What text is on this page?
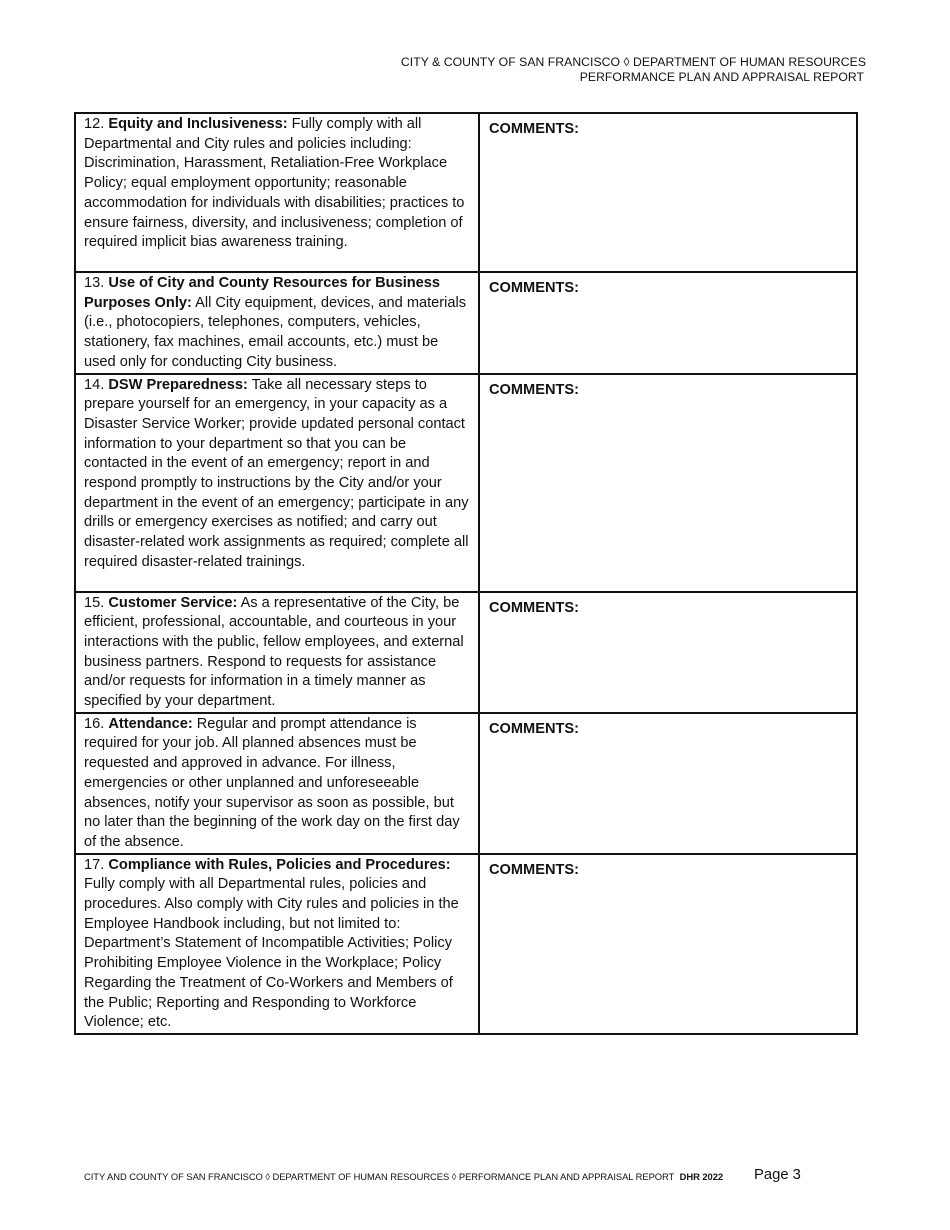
CITY & COUNTY OF SAN FRANCISCO ◊ DEPARTMENT OF HUMAN RESOURCES
PERFORMANCE PLAN AND APPRAISAL REPORT
12. Equity and Inclusiveness: Fully comply with all Departmental and City rules and policies including: Discrimination, Harassment, Retaliation-Free Workplace Policy; equal employment opportunity; reasonable accommodation for individuals with disabilities; practices to ensure fairness, diversity, and inclusiveness; completion of required implicit bias awareness training.	COMMENTS:
13. Use of City and County Resources for Business Purposes Only: All City equipment, devices, and materials (i.e., photocopiers, telephones, computers, vehicles, stationery, fax machines, email accounts, etc.) must be used only for conducting City business.	COMMENTS:
14. DSW Preparedness: Take all necessary steps to prepare yourself for an emergency, in your capacity as a Disaster Service Worker; provide updated personal contact information to your department so that you can be contacted in the event of an emergency; report in and respond promptly to instructions by the City and/or your department in the event of an emergency; participate in any drills or emergency exercises as notified; and carry out disaster-related work assignments as required; complete all required disaster-related trainings.	COMMENTS:
15. Customer Service: As a representative of the City, be efficient, professional, accountable, and courteous in your interactions with the public, fellow employees, and external business partners. Respond to requests for assistance and/or requests for information in a timely manner as specified by your department.	COMMENTS:
16. Attendance: Regular and prompt attendance is required for your job. All planned absences must be requested and approved in advance. For illness, emergencies or other unplanned and unforeseeable absences, notify your supervisor as soon as possible, but no later than the beginning of the work day on the first day of the absence.	COMMENTS:
17. Compliance with Rules, Policies and Procedures: Fully comply with all Departmental rules, policies and procedures. Also comply with City rules and policies in the Employee Handbook including, but not limited to: Department’s Statement of Incompatible Activities; Policy Prohibiting Employee Violence in the Workplace; Policy Regarding the Treatment of Co-Workers and Members of the Public; Reporting and Responding to Workforce Violence; etc.	COMMENTS:
CITY AND COUNTY OF SAN FRANCISCO ◊ DEPARTMENT OF HUMAN RESOURCES ◊ PERFORMANCE PLAN AND APPRAISAL REPORT DHR 2022 Page 3
